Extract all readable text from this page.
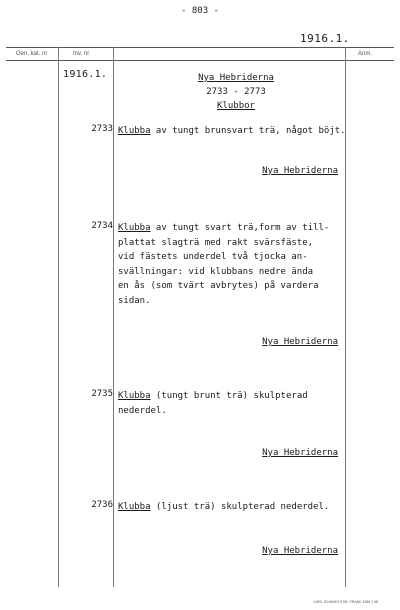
- 803 -
1916.1.
Gen. kat. nr	Inv. nr	Anm.
1916.1.	Nya Hebriderna
2733 - 2773
Klubbor
2733 Klubba av tungt brunsvart trä, något böjt.
Nya Hebriderna
2734 Klubba av tungt svart trä,form av till-
plattat slagträ med rakt svärsfäste,
vid fästets underdel två tjocka an-
svällningar: vid klubbans nedre ända
en ås (som tvärt avbrytes) på vardera
sidan.
Nya Hebriderna
2735 Klubba (tungt brunt trä) skulpterad
nederdel.
Nya Hebriderna
2736 Klubba (ljust trä) skulpterad nederdel.
Nya Hebriderna
CARL SCHMIDTS KB. FRANK 3389 1 68
